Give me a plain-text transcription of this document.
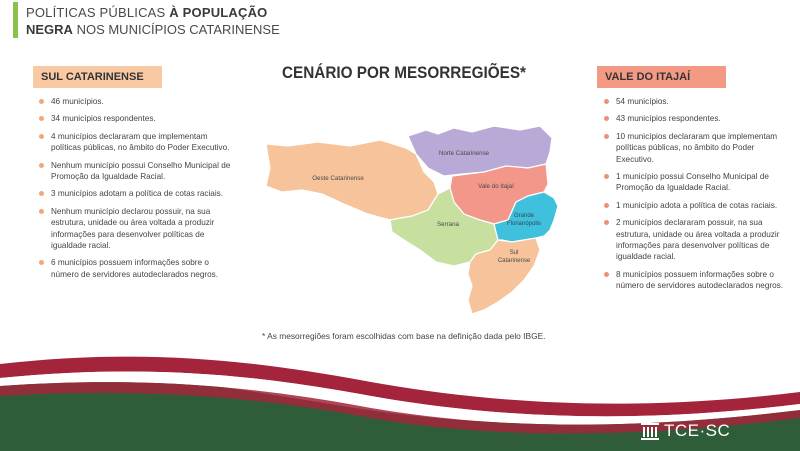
POLÍTICAS PÚBLICAS À POPULAÇÃO
NEGRA NOS MUNICÍPIOS CATARINENSE
CENÁRIO POR MESORREGIÕES*
SUL CATARINENSE
46 municípios.
34 municípios respondentes.
4 municípios declararam que implementam políticas públicas, no âmbito do Poder Executivo.
Nenhum município possui Conselho Municipal de Promoção da Igualdade Racial.
3 municípios adotam a política de cotas raciais.
Nenhum município declarou possuir, na sua estrutura, unidade ou área voltada a produzir informações para desenvolver políticas de igualdade racial.
6 municípios possuem informações sobre o número de servidores autodeclarados negros.
VALE DO ITAJAÍ
54 municípios.
43 municípios respondentes.
10 municípios declararam que implementam políticas públicas, no âmbito do Poder Executivo.
1 município possui Conselho Municipal de Promoção da Igualdade Racial.
1 município adota a política de cotas raciais.
2 municípios declararam possuir, na sua estrutura, unidade ou área voltada a produzir informações para desenvolver políticas de igualdade racial.
8 municípios possuem informações sobre o número de servidores autodeclarados negros.
Oeste Catarinense
Norte Catarinense
Vale do Itajaí
Serrana
Grande
Florianópolis
Sul
Catarinense
* As mesorregiões foram escolhidas com base na definição dada pelo IBGE.
TCE·SC
